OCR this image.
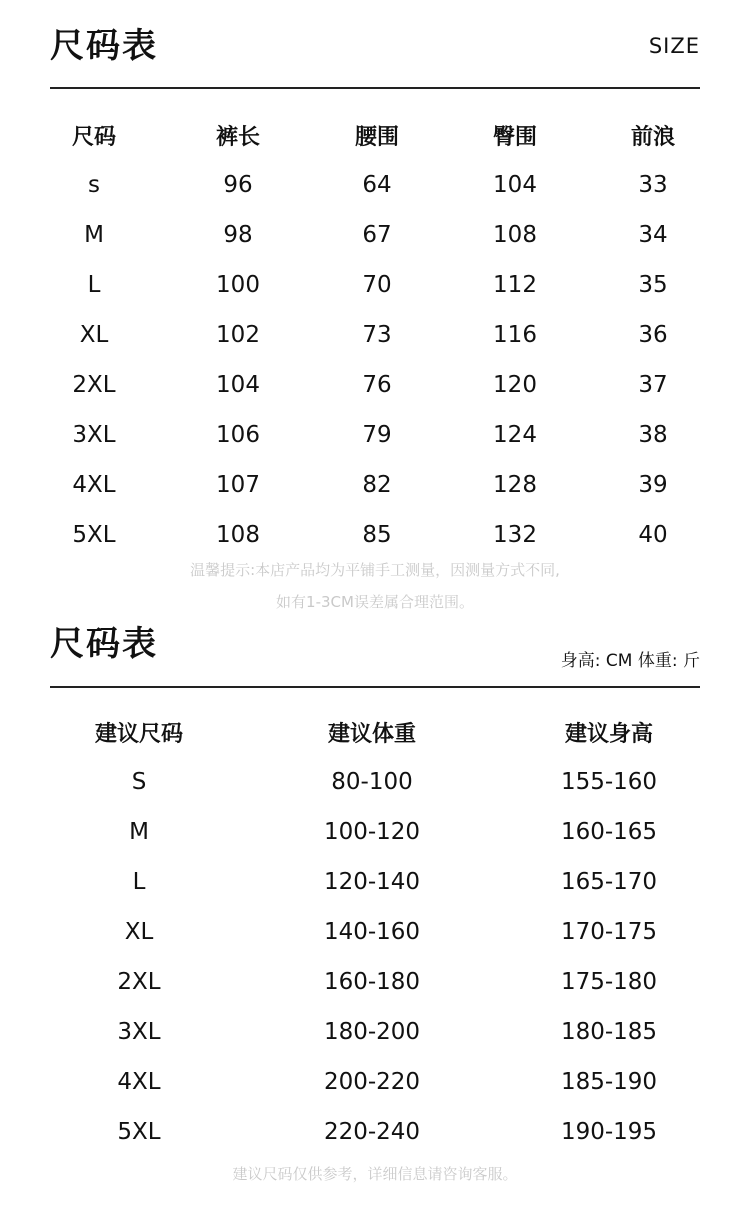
尺码表	SIZE
尺码	裤长	腰围	臀围	前浪
s	96	64	104	33
M	98	67	108	34
L	100	70	112	35
XL	102	73	116	36
2XL	104	76	120	37
3XL	106	79	124	38
4XL	107	82	128	39
5XL	108	85	132	40
温馨提示:本店产品均为平铺手工测量，因测量方式不同,
如有1-3CM误差属合理范围。
尺码表	身高: CM 体重: 斤
建议尺码	建议体重	建议身高
S	80-100	155-160
M	100-120	160-165
L	120-140	165-170
XL	140-160	170-175
2XL	160-180	175-180
3XL	180-200	180-185
4XL	200-220	185-190
5XL	220-240	190-195
建议尺码仅供参考，详细信息请咨询客服。
